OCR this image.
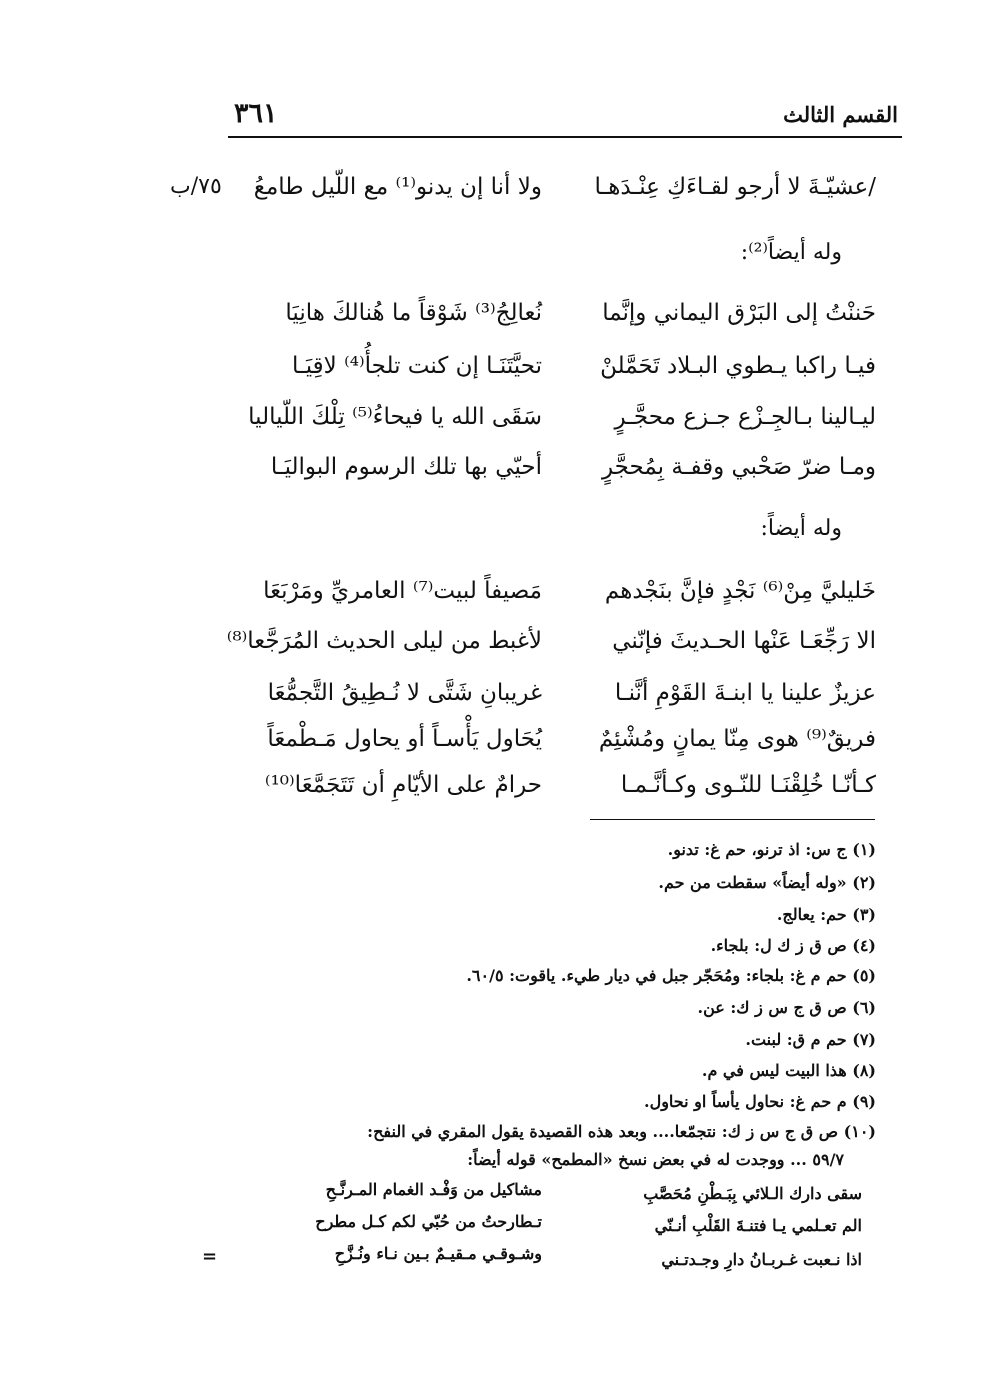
القسم الثالث
٣٦١
٧٥/ب	/عشيّـةَ لا أرجو لقـاءَكِ عِنْـدَهـا
ولا أنا إن يدنو⁽¹⁾ مع اللّيل طامعُ
وله أيضاً⁽²⁾:
حَننْتُ إلى البَرْق اليماني وإنَّما
نُعالِجُ⁽³⁾ شَوْقاً ما هُنالكَ هانِيَا
فيـا راكبا يـطوي البـلاد تَحَمَّلنْ
تحيَّتَنَـا إن كنت تلجأُ⁽⁴⁾ لاقِيَـا
ليـالينا بـالجِـزْع جـزع محجَّـرٍ
سَقَى الله يا فيحاءُ⁽⁵⁾ تِلْكَ اللّياليا
ومـا ضرّ صَحْبي وقفـة بِمُحجَّرٍ
أحيّي بها تلك الرسوم البواليَـا
وله أيضاً:
خَليليَّ مِنْ⁽⁶⁾ نَجْدٍ فإنَّ بنَجْدهم
مَصيفاً لبيت⁽⁷⁾ العامريِّ ومَرْبَعَا
الا رَجِّعَـا عَنْها الحـديثَ فإنّني
لأغبط من ليلى الحديث المُرَجَّعا⁽⁸⁾
عزيزٌ علينا يا ابنـةَ القَوْمِ أنَّنـا
غريبانِ شَتَّى لا نُـطِيقُ التَّجمُّعَا
فريقٌ⁽⁹⁾ هوى مِنّا يمانٍ ومُشْئِمٌ
يُحَاول يَأْسـاً أو يحاول مَـطْمعَاً
كـأنّـا خُلِقْنَـا للنّـوى وكـأنَّـمـا
حرامٌ على الأيّامِ أن تَتَجَمَّعَا⁽¹⁰⁾
(١) ج س: اذ ترنو، حم غ: تدنو.
(٢) «وله أيضاً» سقطت من حم.
(٣) حم: يعالج.
(٤) ص ق ز ك ل: بلجاء.
(٥) حم م غ: بلجاء: ومُحَجّر جبل في ديار طيء. ياقوت: ٦٠/٥.
(٦) ص ق ج س ز ك: عن.
(٧) حم م ق: لبنت.
(٨) هذا البيت ليس في م.
(٩) م حم غ: نحاول يأساً او نحاول.
(١٠) ص ق ج س ز ك: نتجمّعا.... وبعد هذه القصيدة يقول المقري في النفح:
٥٩/٧ ... ووجدت له في بعض نسخ «المطمح» قوله أيضاً:
سقى دارك الـلائي بِبَـطْنِ مُحَصَّبِ
مشاكيل من وَفْـد الغمام المـرنَّـحِ
الم تعـلمي يـا فتنـةَ القَلْبِ أنـنّي
تـطارحتُ من حُبّي لكم كـل مطرح
اذا نـعبت غـربـانُ دارِ وجـدتـني
وشـوقـي مـقيـمٌ بـين نـاء ونُـزَّحِ
=
